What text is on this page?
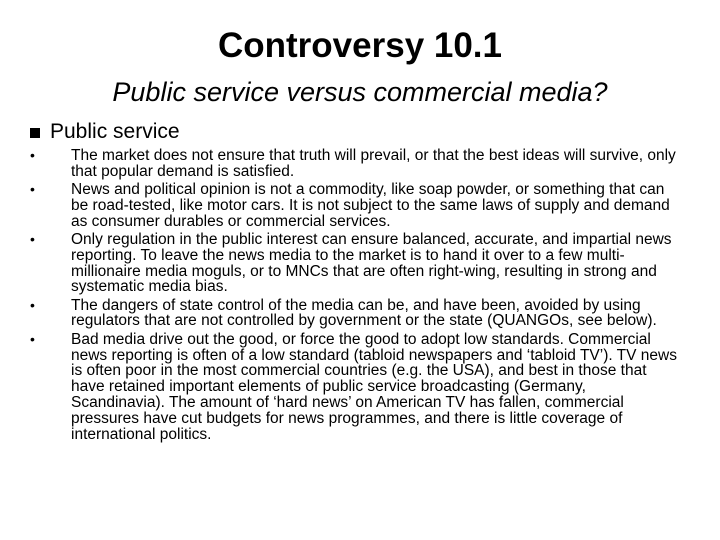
Controversy 10.1
Public service versus commercial media?
Public service
• The market does not ensure that truth will prevail, or that the best ideas will survive, only that popular demand is satisfied.
• News and political opinion is not a commodity, like soap powder, or something that can be road-tested, like motor cars. It is not subject to the same laws of supply and demand as consumer durables or commercial services.
• Only regulation in the public interest can ensure balanced, accurate, and impartial news reporting. To leave the news media to the market is to hand it over to a few multi-millionaire media moguls, or to MNCs that are often right-wing, resulting in strong and systematic media bias.
• The dangers of state control of the media can be, and have been, avoided by using regulators that are not controlled by government or the state (QUANGOs, see below).
• Bad media drive out the good, or force the good to adopt low standards. Commercial news reporting is often of a low standard (tabloid newspapers and ‘tabloid TV’). TV news is often poor in the most commercial countries (e.g. the USA), and best in those that have retained important elements of public service broadcasting (Germany, Scandinavia). The amount of ‘hard news’ on American TV has fallen, commercial pressures have cut budgets for news programmes, and there is little coverage of international politics.
